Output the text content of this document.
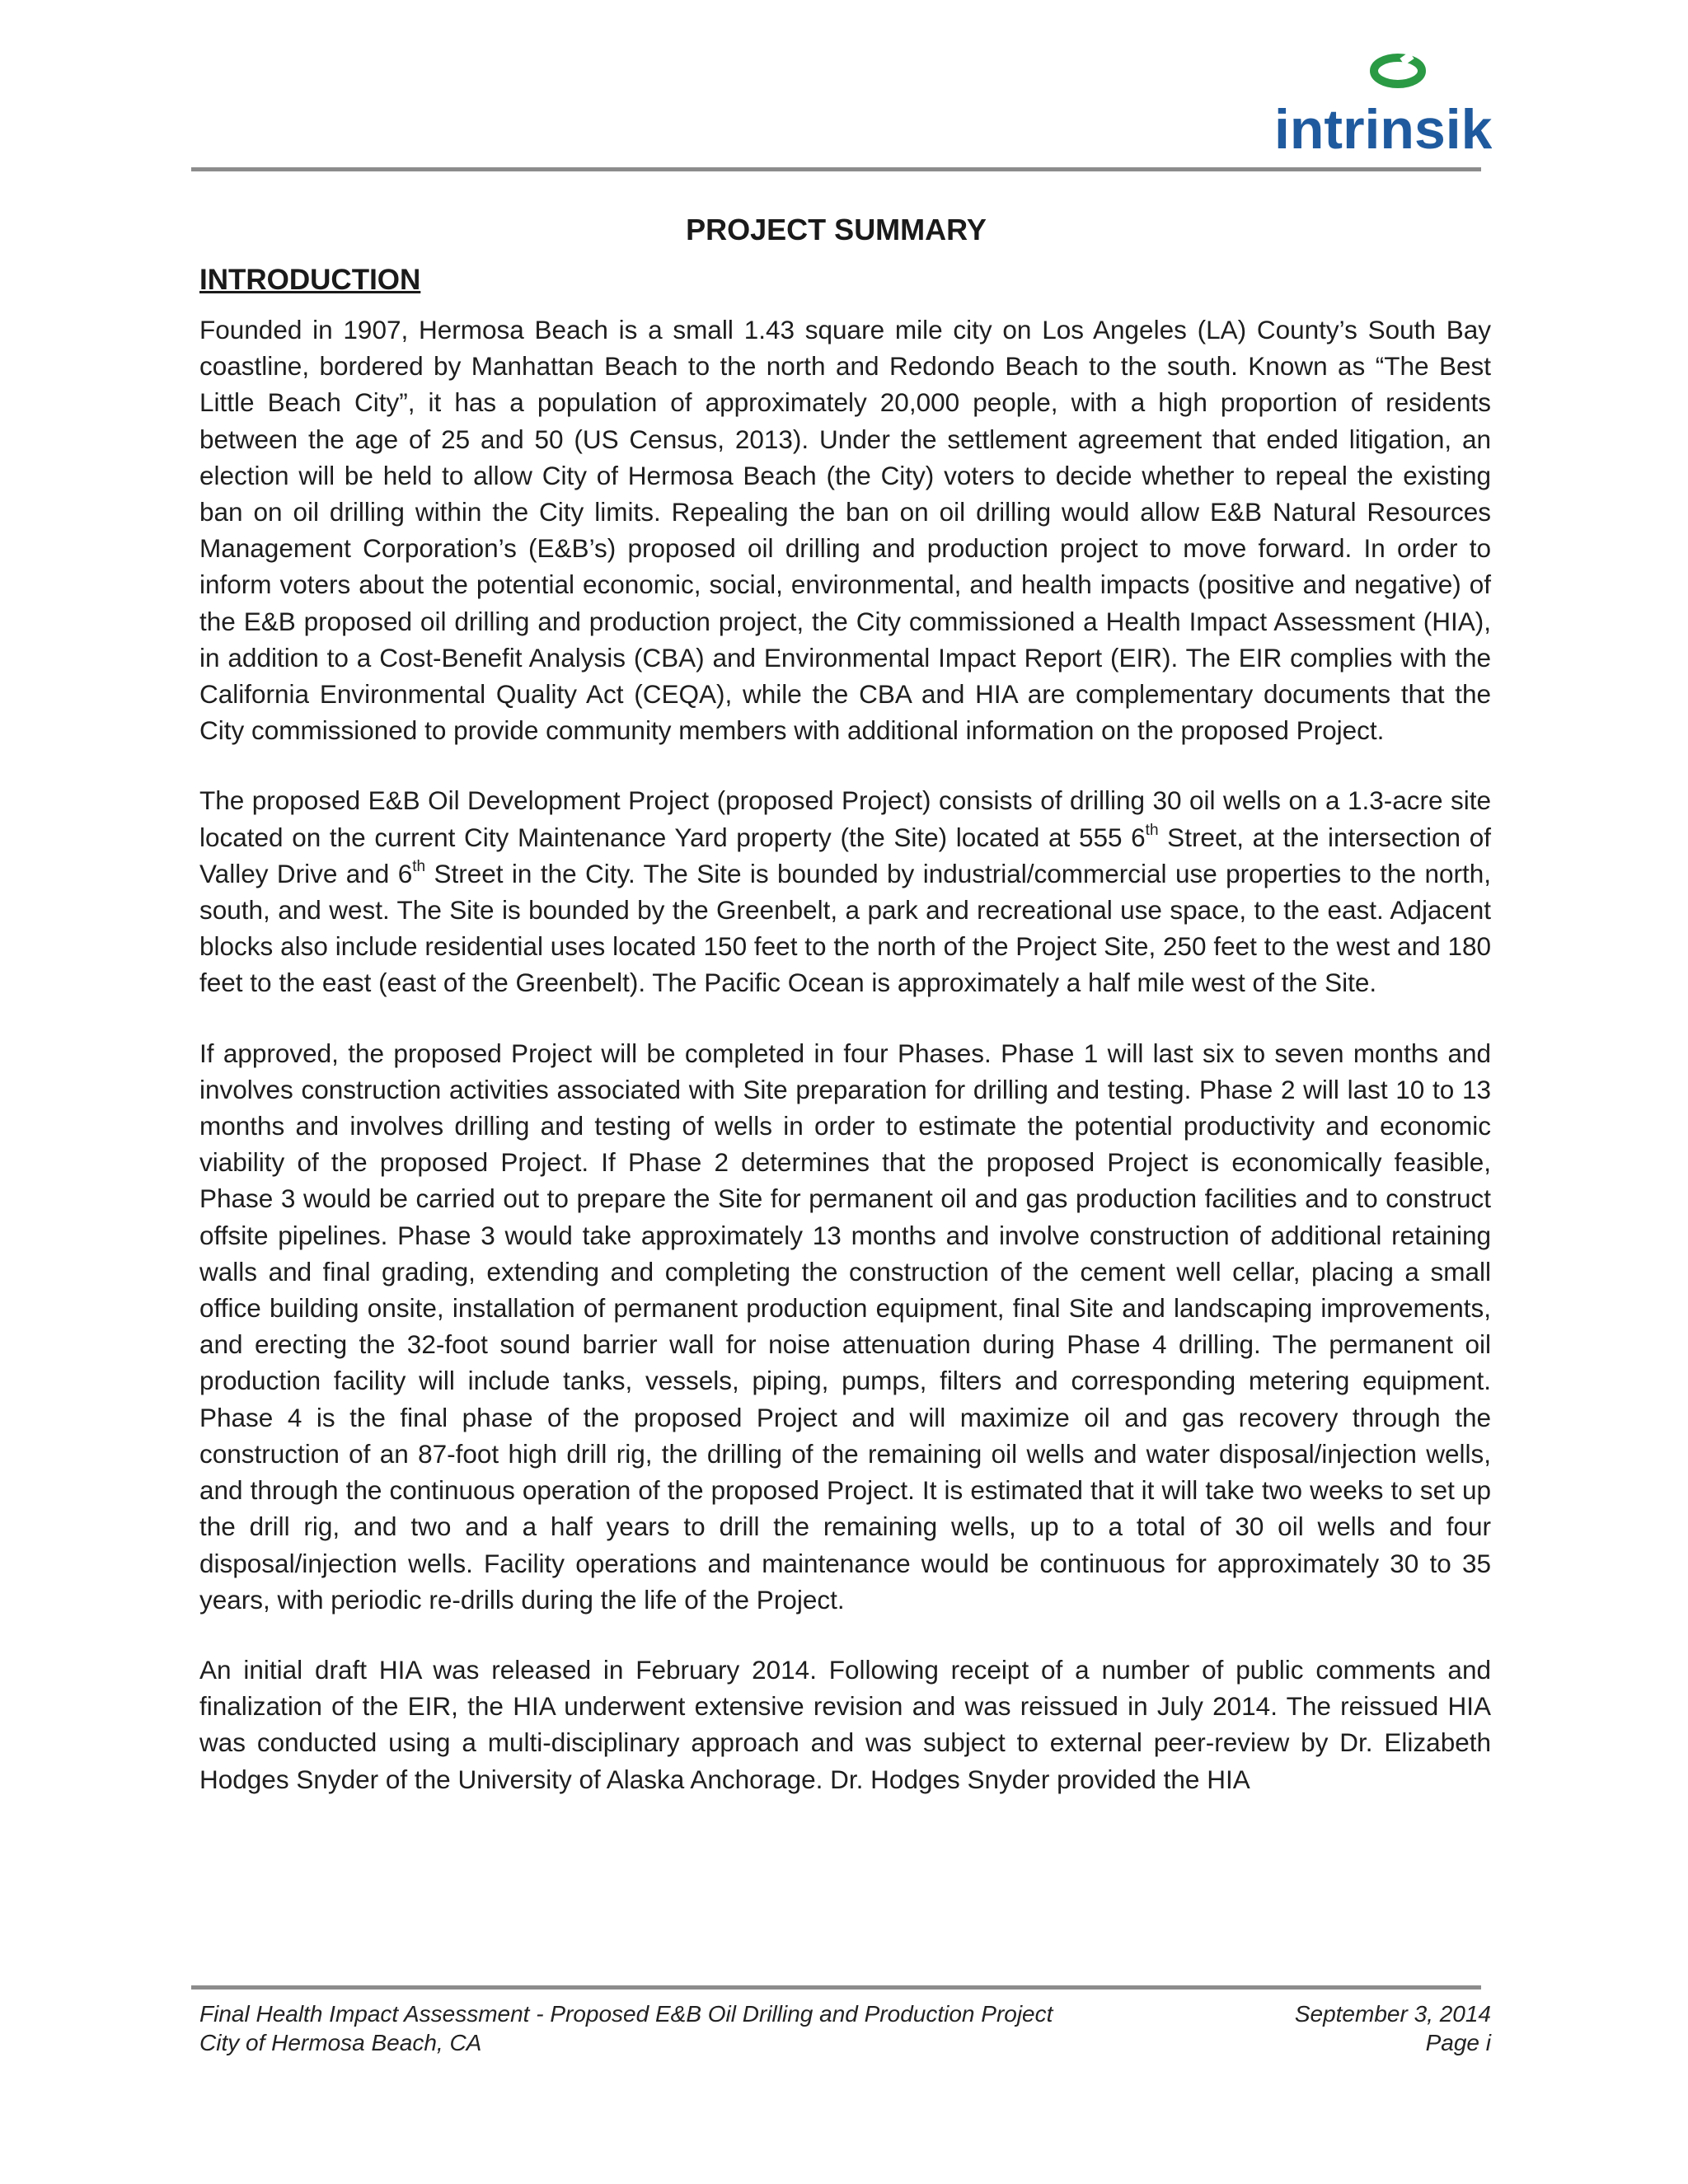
intrinsik
PROJECT SUMMARY
INTRODUCTION

Founded in 1907, Hermosa Beach is a small 1.43 square mile city on Los Angeles (LA) County’s South Bay coastline, bordered by Manhattan Beach to the north and Redondo Beach to the south. Known as “The Best Little Beach City”, it has a population of approximately 20,000 people, with a high proportion of residents between the age of 25 and 50 (US Census, 2013). Under the settlement agreement that ended litigation, an election will be held to allow City of Hermosa Beach (the City) voters to decide whether to repeal the existing ban on oil drilling within the City limits. Repealing the ban on oil drilling would allow E&B Natural Resources Management Corporation’s (E&B’s) proposed oil drilling and production project to move forward. In order to inform voters about the potential economic, social, environmental, and health impacts (positive and negative) of the E&B proposed oil drilling and production project, the City commissioned a Health Impact Assessment (HIA), in addition to a Cost-Benefit Analysis (CBA) and Environmental Impact Report (EIR). The EIR complies with the California Environmental Quality Act (CEQA), while the CBA and HIA are complementary documents that the City commissioned to provide community members with additional information on the proposed Project.

The proposed E&B Oil Development Project (proposed Project) consists of drilling 30 oil wells on a 1.3-acre site located on the current City Maintenance Yard property (the Site) located at 555 6th Street, at the intersection of Valley Drive and 6th Street in the City. The Site is bounded by industrial/commercial use properties to the north, south, and west. The Site is bounded by the Greenbelt, a park and recreational use space, to the east. Adjacent blocks also include residential uses located 150 feet to the north of the Project Site, 250 feet to the west and 180 feet to the east (east of the Greenbelt). The Pacific Ocean is approximately a half mile west of the Site.

If approved, the proposed Project will be completed in four Phases. Phase 1 will last six to seven months and involves construction activities associated with Site preparation for drilling and testing. Phase 2 will last 10 to 13 months and involves drilling and testing of wells in order to estimate the potential productivity and economic viability of the proposed Project. If Phase 2 determines that the proposed Project is economically feasible, Phase 3 would be carried out to prepare the Site for permanent oil and gas production facilities and to construct offsite pipelines. Phase 3 would take approximately 13 months and involve construction of additional retaining walls and final grading, extending and completing the construction of the cement well cellar, placing a small office building onsite, installation of permanent production equipment, final Site and landscaping improvements, and erecting the 32-foot sound barrier wall for noise attenuation during Phase 4 drilling. The permanent oil production facility will include tanks, vessels, piping, pumps, filters and corresponding metering equipment. Phase 4 is the final phase of the proposed Project and will maximize oil and gas recovery through the construction of an 87-foot high drill rig, the drilling of the remaining oil wells and water disposal/injection wells, and through the continuous operation of the proposed Project. It is estimated that it will take two weeks to set up the drill rig, and two and a half years to drill the remaining wells, up to a total of 30 oil wells and four disposal/injection wells. Facility operations and maintenance would be continuous for approximately 30 to 35 years, with periodic re-drills during the life of the Project.

An initial draft HIA was released in February 2014. Following receipt of a number of public comments and finalization of the EIR, the HIA underwent extensive revision and was reissued in July 2014. The reissued HIA was conducted using a multi-disciplinary approach and was subject to external peer-review by Dr. Elizabeth Hodges Snyder of the University of Alaska Anchorage. Dr. Hodges Snyder provided the HIA

Final Health Impact Assessment - Proposed E&B Oil Drilling and Production Project	September 3, 2014
City of Hermosa Beach, CA	Page i
